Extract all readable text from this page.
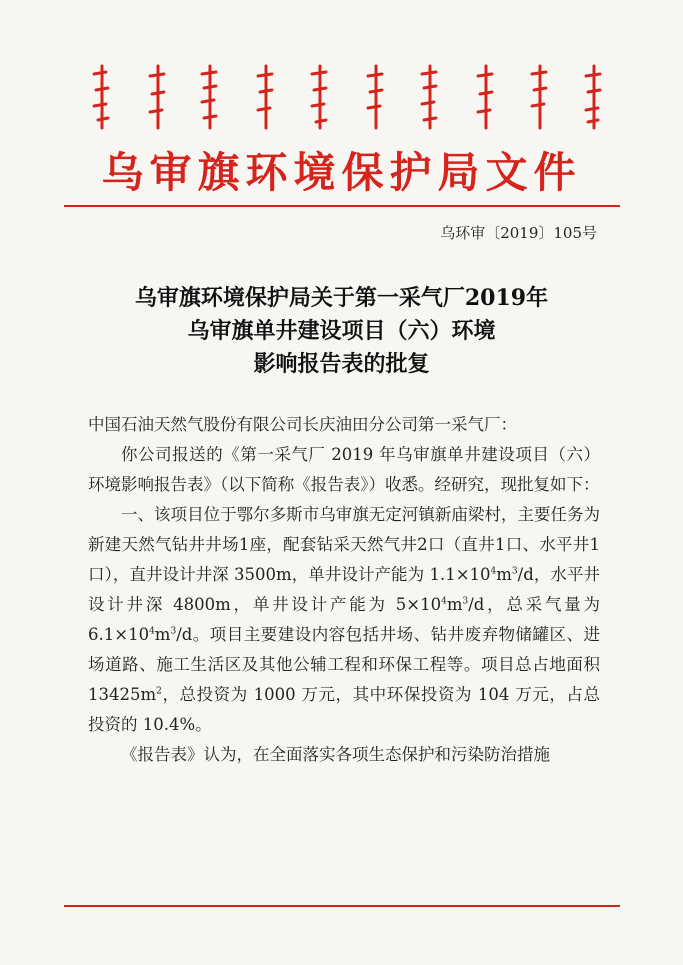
乌审旗环境保护局文件
乌环审〔2019〕105号
乌审旗环境保护局关于第一采气厂2019年
乌审旗单井建设项目（六）环境
影响报告表的批复

中国石油天然气股份有限公司长庆油田分公司第一采气厂：

你公司报送的《第一采气厂 2019 年乌审旗单井建设项目（六）环境影响报告表》（以下简称《报告表》）收悉。经研究，现批复如下：

一、该项目位于鄂尔多斯市乌审旗无定河镇新庙梁村，主要任务为新建天然气钻井井场1座，配套钻采天然气井2口（直井1口、水平井1口），直井设计井深 3500m，单井设计产能为 $1.1\times 10^4m^3/d$，水平井设计井深 4800m，单井设计产能为 $5\times 10^4m^3/d$，总采气量为 $6.1\times 10^4m^3/d$。项目主要建设内容包括井场、钻井废弃物储罐区、进场道路、施工生活区及其他公辅工程和环保工程等。项目总占地面积 $13425m^2$，总投资为 1000 万元，其中环保投资为 104 万元，占总投资的 10.4%。

《报告表》认为，在全面落实各项生态保护和污染防治措施
